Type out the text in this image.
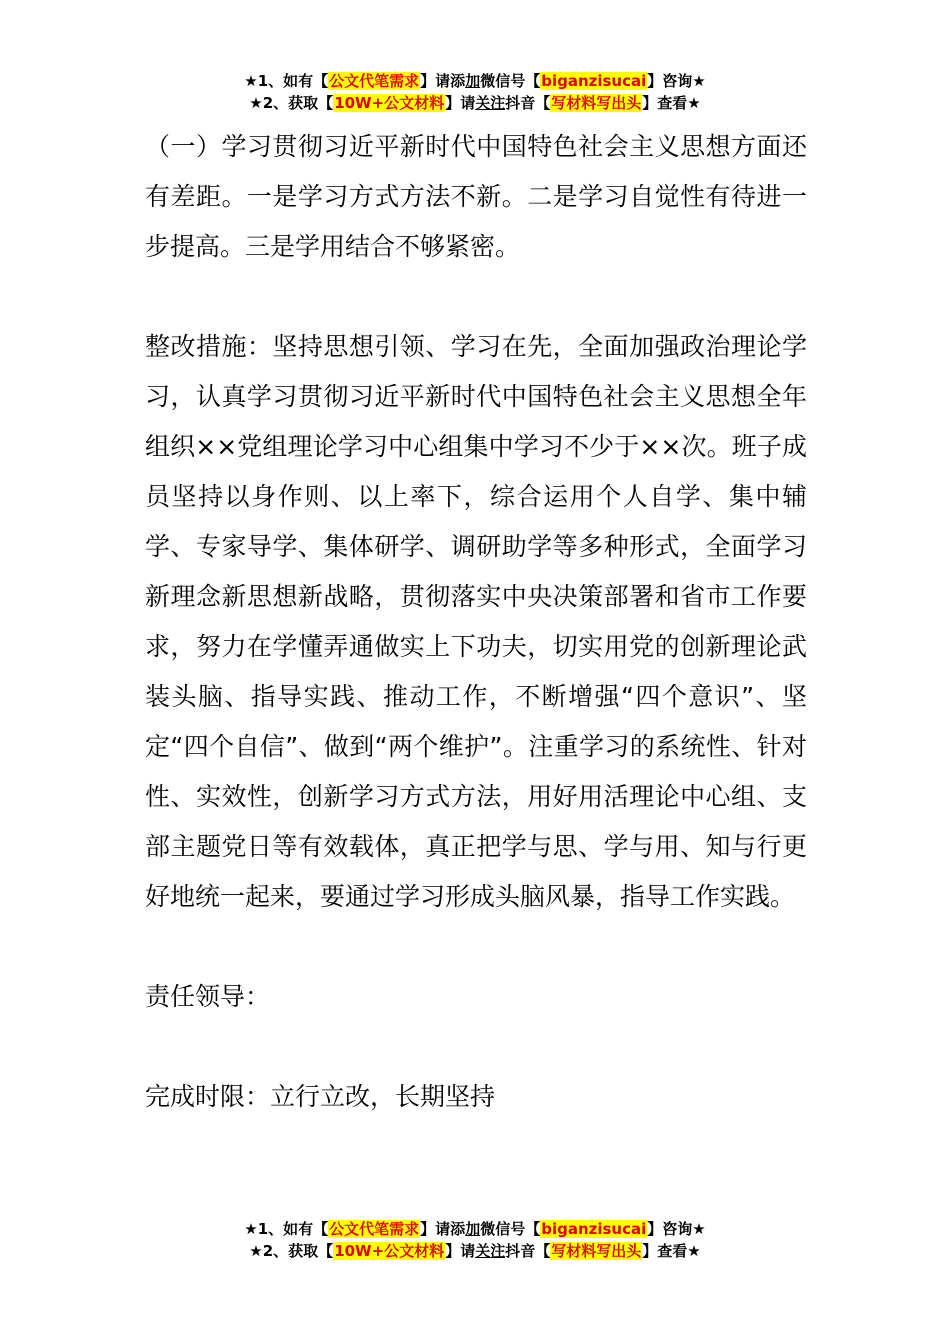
★1、如有【公文代笔需求】请添加微信号【biganzisucai】咨询★
★2、获取【10W+公文材料】请关注抖音【写材料写出头】查看★

（一）学习贯彻习近平新时代中国特色社会主义思想方面还有差距。一是学习方式方法不新。二是学习自觉性有待进一步提高。三是学用结合不够紧密。

整改措施：坚持思想引领、学习在先，全面加强政治理论学习，认真学习贯彻习近平新时代中国特色社会主义思想全年组织××党组理论学习中心组集中学习不少于××次。班子成员坚持以身作则、以上率下，综合运用个人自学、集中辅学、专家导学、集体研学、调研助学等多种形式，全面学习新理念新思想新战略，贯彻落实中央决策部署和省市工作要求，努力在学懂弄通做实上下功夫，切实用党的创新理论武装头脑、指导实践、推动工作，不断增强“四个意识”、坚定“四个自信”、做到“两个维护”。注重学习的系统性、针对性、实效性，创新学习方式方法，用好用活理论中心组、支部主题党日等有效载体，真正把学与思、学与用、知与行更好地统一起来，要通过学习形成头脑风暴，指导工作实践。

责任领导：

完成时限：立行立改，长期坚持

★1、如有【公文代笔需求】请添加微信号【biganzisucai】咨询★
★2、获取【10W+公文材料】请关注抖音【写材料写出头】查看★
